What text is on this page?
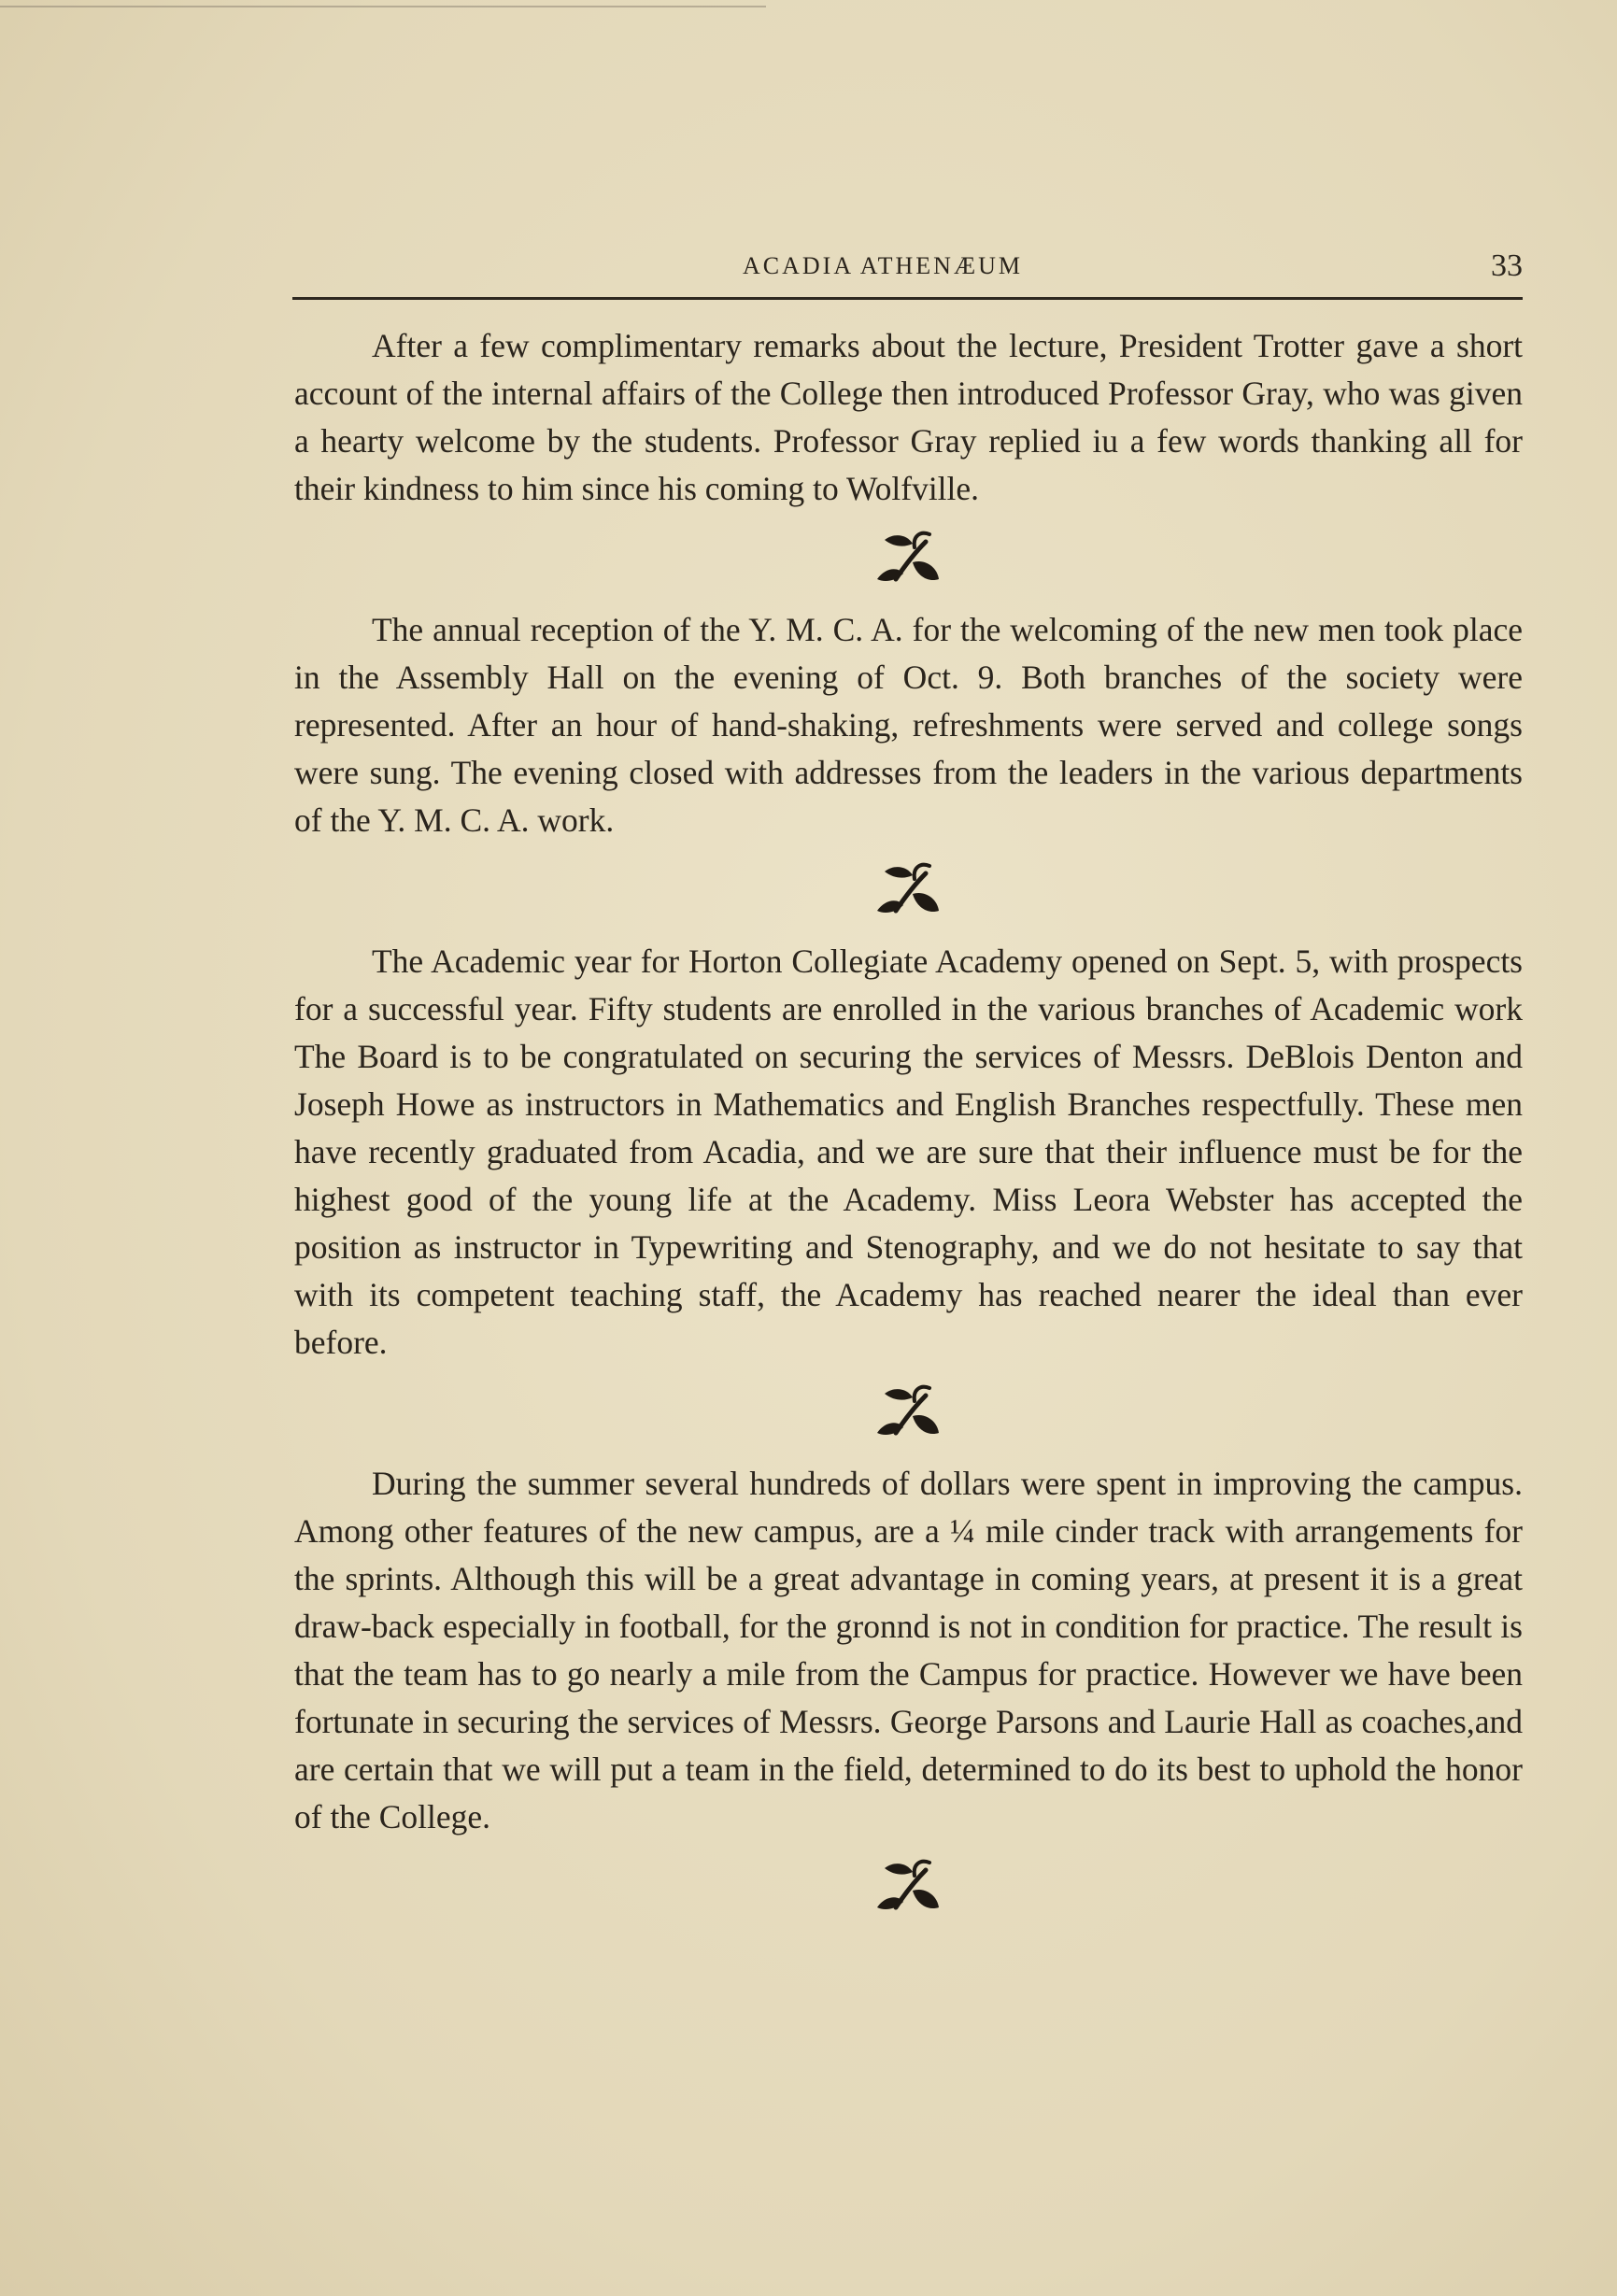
ACADIA ATHENÆUM	33

After a few complimentary remarks about the lecture, President Trotter gave a short account of the internal affairs of the College then introduced Professor Gray, who was given a hearty welcome by the students. Professor Gray replied iu a few words thanking all for their kindness to him since his coming to Wolfville.

The annual reception of the Y. M. C. A. for the welcoming of the new men took place in the Assembly Hall on the evening of Oct. 9. Both branches of the society were represented. After an hour of hand-shaking, refreshments were served and college songs were sung. The evening closed with addresses from the leaders in the various departments of the Y. M. C. A. work.

The Academic year for Horton Collegiate Academy opened on Sept. 5, with prospects for a successful year. Fifty students are enrolled in the various branches of Academic work The Board is to be congratulated on securing the services of Messrs. DeBlois Denton and Joseph Howe as instructors in Mathematics and English Branches respectfully. These men have recently graduated from Acadia, and we are sure that their influence must be for the highest good of the young life at the Academy. Miss Leora Webster has accepted the position as instructor in Typewriting and Stenography, and we do not hesitate to say that with its competent teaching staff, the Academy has reached nearer the ideal than ever before.

During the summer several hundreds of dollars were spent in improving the campus. Among other features of the new campus, are a ¼ mile cinder track with arrangements for the sprints. Although this will be a great advantage in coming years, at present it is a great draw-back especially in football, for the gronnd is not in condition for practice. The result is that the team has to go nearly a mile from the Campus for practice. However we have been fortunate in securing the services of Messrs. George Parsons and Laurie Hall as coaches,and are certain that we will put a team in the field, determined to do its best to uphold the honor of the College.
